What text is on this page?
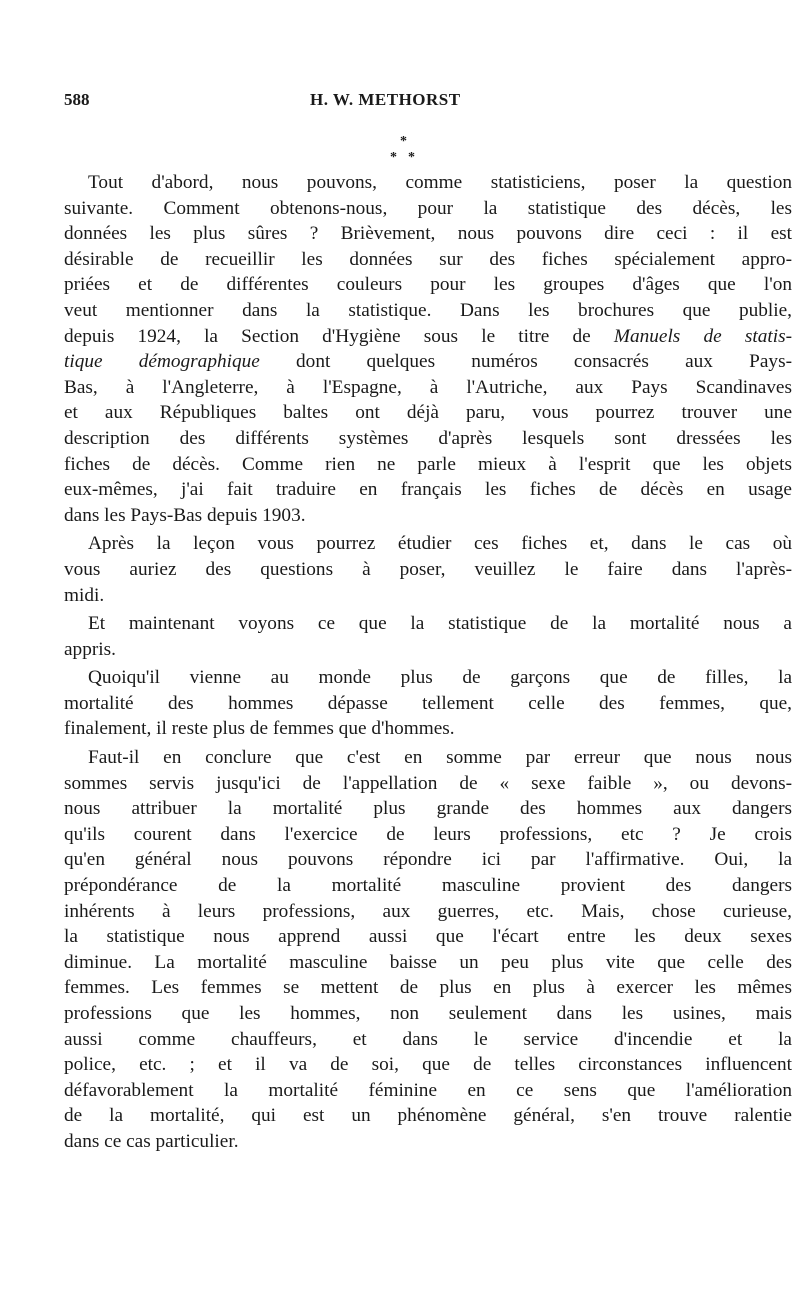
588	H. W. METHORST
*
* *
Tout d'abord, nous pouvons, comme statisticiens, poser la question
suivante. Comment obtenons-nous, pour la statistique des décès, les
données les plus sûres ? Brièvement, nous pouvons dire ceci : il est
désirable de recueillir les données sur des fiches spécialement appro-
priées et de différentes couleurs pour les groupes d'âges que l'on
veut mentionner dans la statistique. Dans les brochures que publie,
depuis 1924, la Section d'Hygiène sous le titre de Manuels de statis-
tique démographique dont quelques numéros consacrés aux Pays-
Bas, à l'Angleterre, à l'Espagne, à l'Autriche, aux Pays Scandinaves
et aux Républiques baltes ont déjà paru, vous pourrez trouver une
description des différents systèmes d'après lesquels sont dressées les
fiches de décès. Comme rien ne parle mieux à l'esprit que les objets
eux-mêmes, j'ai fait traduire en français les fiches de décès en usage
dans les Pays-Bas depuis 1903.
Après la leçon vous pourrez étudier ces fiches et, dans le cas où
vous auriez des questions à poser, veuillez le faire dans l'après-
midi.
Et maintenant voyons ce que la statistique de la mortalité nous a
appris.
Quoiqu'il vienne au monde plus de garçons que de filles, la
mortalité des hommes dépasse tellement celle des femmes, que,
finalement, il reste plus de femmes que d'hommes.
Faut-il en conclure que c'est en somme par erreur que nous nous
sommes servis jusqu'ici de l'appellation de « sexe faible », ou devons-
nous attribuer la mortalité plus grande des hommes aux dangers
qu'ils courent dans l'exercice de leurs professions, etc ? Je crois
qu'en général nous pouvons répondre ici par l'affirmative. Oui, la
prépondérance de la mortalité masculine provient des dangers
inhérents à leurs professions, aux guerres, etc. Mais, chose curieuse,
la statistique nous apprend aussi que l'écart entre les deux sexes
diminue. La mortalité masculine baisse un peu plus vite que celle des
femmes. Les femmes se mettent de plus en plus à exercer les mêmes
professions que les hommes, non seulement dans les usines, mais
aussi comme chauffeurs, et dans le service d'incendie et la
police, etc. ; et il va de soi, que de telles circonstances influencent
défavorablement la mortalité féminine en ce sens que l'amélioration
de la mortalité, qui est un phénomène général, s'en trouve ralentie
dans ce cas particulier.
